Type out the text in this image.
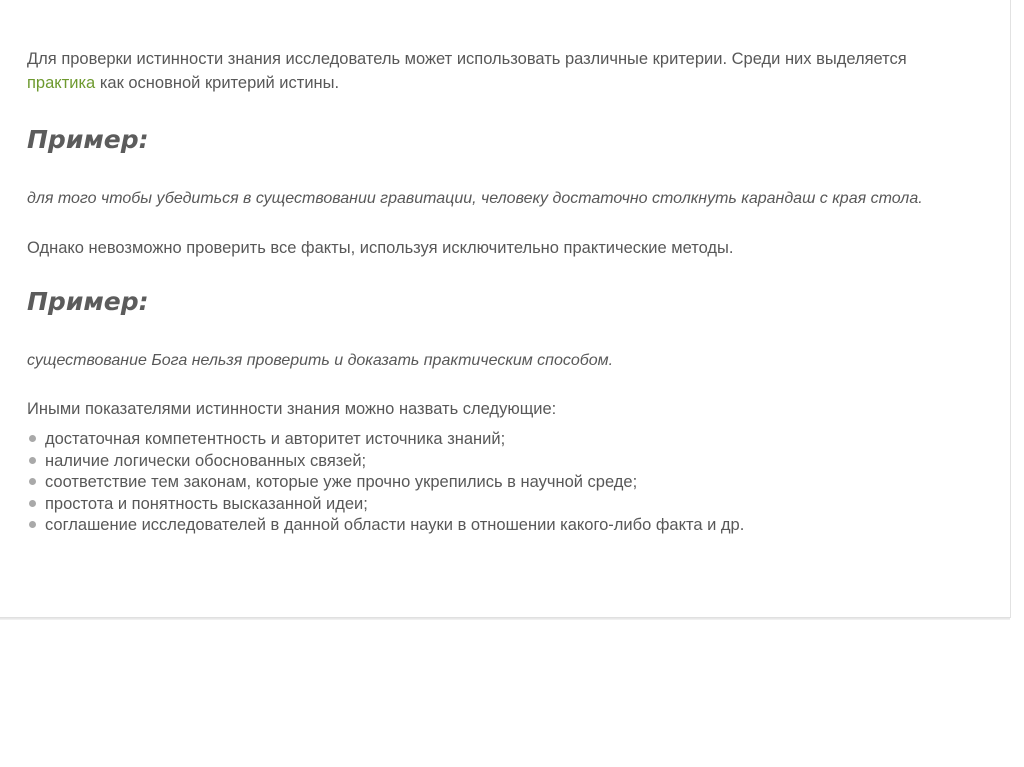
Для проверки истинности знания исследователь может использовать различные критерии. Среди них выделяется практика как основной критерий истины.

Пример:

для того чтобы убедиться в существовании гравитации, человеку достаточно столкнуть карандаш с края стола.

Однако невозможно проверить все факты, используя исключительно практические методы.

Пример:

существование Бога нельзя проверить и доказать практическим способом.

Иными показателями истинности знания можно назвать следующие:

достаточная компетентность и авторитет источника знаний;
наличие логически обоснованных связей;
соответствие тем законам, которые уже прочно укрепились в научной среде;
простота и понятность высказанной идеи;
соглашение исследователей в данной области науки в отношении какого-либо факта и др.
